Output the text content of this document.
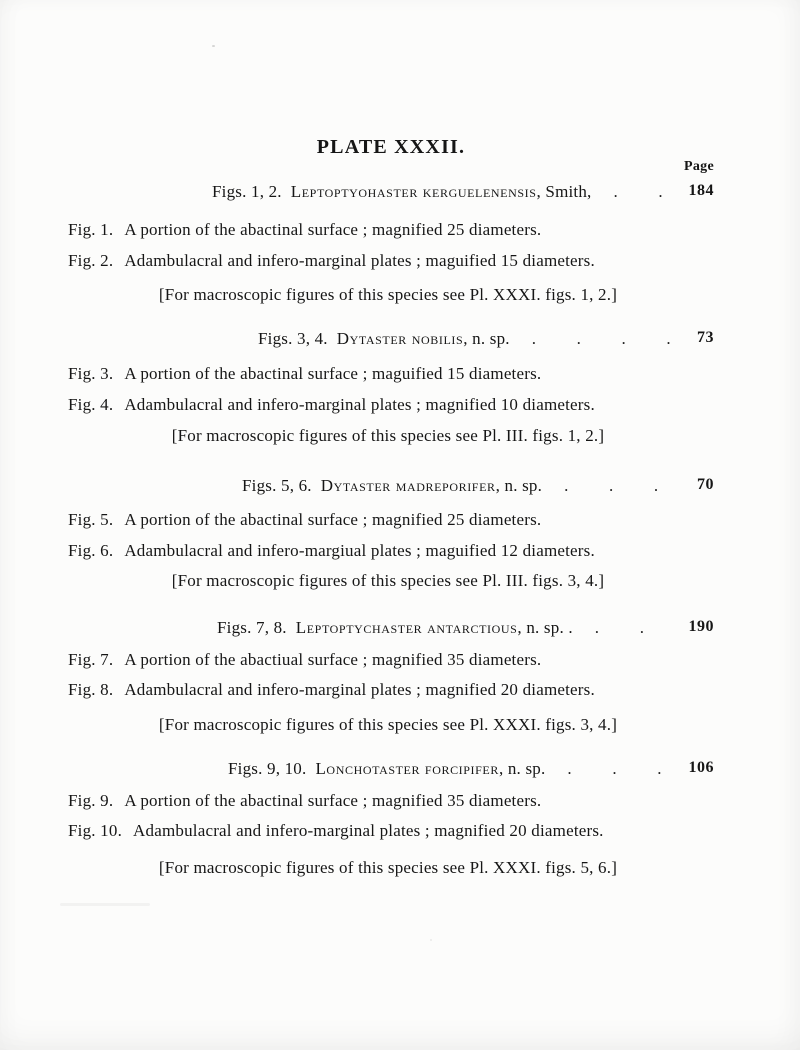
PLATE XXXII.
Page
Figs. 1, 2. Leptoptyohaster kerguelenensis, Smith, . . 184
Fig. 1. A portion of the abactinal surface ; magnified 25 diameters.
Fig. 2. Adambulacral and infero-marginal plates ; maguified 15 diameters.
[For macroscopic figures of this species see Pl. XXXI. figs. 1, 2.]
Figs. 3, 4. Dytaster nobilis, n. sp. . . . . 73
Fig. 3. A portion of the abactinal surface ; maguified 15 diameters.
Fig. 4. Adambulacral and infero-marginal plates ; magnified 10 diameters.
[For macroscopic figures of this species see Pl. III. figs. 1, 2.]
Figs. 5, 6. Dytaster madreporifer, n. sp. . . . 70
Fig. 5. A portion of the abactinal surface ; magnified 25 diameters.
Fig. 6. Adambulacral and infero-margiual plates ; maguified 12 diameters.
[For macroscopic figures of this species see Pl. III. figs. 3, 4.]
Figs. 7, 8. Leptoptychaster antarctious, n. sp. . . .	190
Fig. 7. A portion of the abactiual surface ; magnified 35 diameters.
Fig. 8. Adambulacral and infero-marginal plates ; magnified 20 diameters.
[For macroscopic figures of this species see Pl. XXXI. figs. 3, 4.]
Figs. 9, 10. Lonchotaster forcipifer, n. sp. . . . 106
Fig. 9. A portion of the abactinal surface ; magnified 35 diameters.
Fig. 10. Adambulacral and infero-marginal plates ; magnified 20 diameters.
[For macroscopic figures of this species see Pl. XXXI. figs. 5, 6.]
